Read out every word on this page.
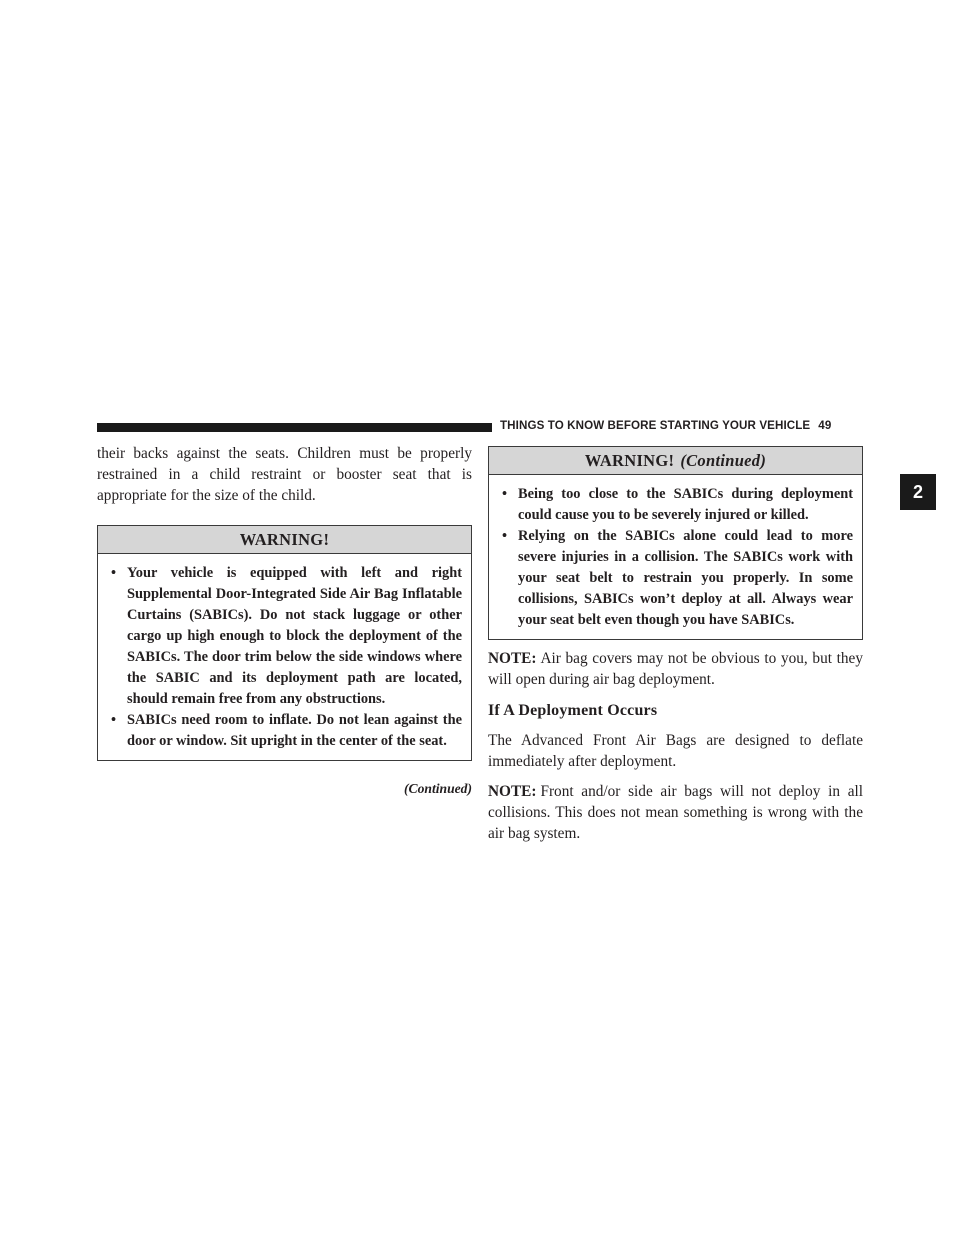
THINGS TO KNOW BEFORE STARTING YOUR VEHICLE 49
2

their backs against the seats. Children must be properly restrained in a child restraint or booster seat that is appropriate for the size of the child.

WARNING!
• Your vehicle is equipped with left and right Supplemental Door-Integrated Side Air Bag Inflatable Curtains (SABICs). Do not stack luggage or other cargo up high enough to block the deployment of the SABICs. The door trim below the side windows where the SABIC and its deployment path are located, should remain free from any obstructions.
• SABICs need room to inflate. Do not lean against the door or window. Sit upright in the center of the seat.
(Continued)
WARNING! (Continued)
• Being too close to the SABICs during deployment could cause you to be severely injured or killed.
• Relying on the SABICs alone could lead to more severe injuries in a collision. The SABICs work with your seat belt to restrain you properly. In some collisions, SABICs won’t deploy at all. Always wear your seat belt even though you have SABICs.

NOTE: Air bag covers may not be obvious to you, but they will open during air bag deployment.

If A Deployment Occurs

The Advanced Front Air Bags are designed to deflate immediately after deployment.

NOTE: Front and/or side air bags will not deploy in all collisions. This does not mean something is wrong with the air bag system.
